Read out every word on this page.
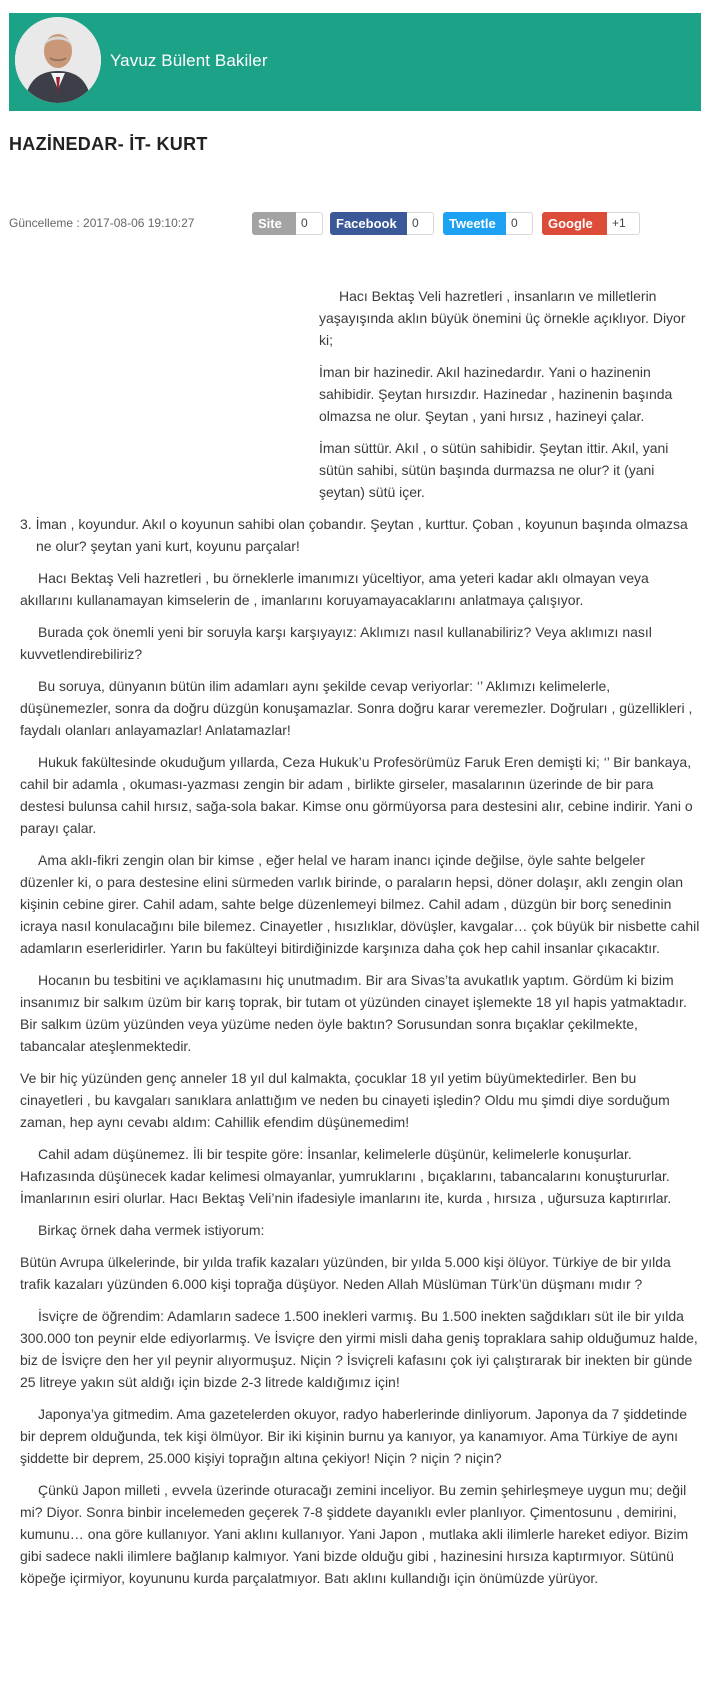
Yavuz Bülent Bakiler
HAZİNEDAR- İT- KURT
Güncelleme : 2017-08-06 19:10:27	Site	0	Facebook	0	Tweetle	0	Google	+1

Hacı Bektaş Veli hazretleri , insanların ve milletlerin yaşayışında aklın büyük önemini üç örnekle açıklıyor. Diyor ki;

İman bir hazinedir. Akıl hazinedardır. Yani o hazinenin sahibidir. Şeytan hırsızdır. Hazinedar , hazinenin başında olmazsa ne olur. Şeytan , yani hırsız , hazineyi çalar.

İman süttür. Akıl , o sütün sahibidir. Şeytan ittir. Akıl, yani sütün sahibi, sütün başında durmazsa ne olur? it (yani şeytan) sütü içer.

3. İman , koyundur. Akıl o koyunun sahibi olan çobandır. Şeytan , kurttur. Çoban , koyunun başında olmazsa ne olur? şeytan yani kurt, koyunu parçalar!

Hacı Bektaş Veli hazretleri , bu örneklerle imanımızı yüceltiyor, ama yeteri kadar aklı olmayan veya akıllarını kullanamayan kimselerin de , imanlarını koruyamayacaklarını anlatmaya çalışıyor.

Burada çok önemli yeni bir soruyla karşı karşıyayız: Aklımızı nasıl kullanabiliriz? Veya aklımızı nasıl kuvvetlendirebiliriz?

Bu soruya, dünyanın bütün ilim adamları aynı şekilde cevap veriyorlar: ‘’ Aklımızı kelimelerle, düşünemezler, sonra da doğru düzgün konuşamazlar. Sonra doğru karar veremezler. Doğruları , güzellikleri , faydalı olanları anlayamazlar! Anlatamazlar!

Hukuk fakültesinde okuduğum yıllarda, Ceza Hukuk’u Profesörümüz Faruk Eren demişti ki; ‘’ Bir bankaya, cahil bir adamla , okuması-yazması zengin bir adam , birlikte girseler, masalarının üzerinde de bir para destesi bulunsa cahil hırsız, sağa-sola bakar. Kimse onu görmüyorsa para destesini alır, cebine indirir. Yani o parayı çalar.

Ama aklı-fikri zengin olan bir kimse , eğer helal ve haram inancı içinde değilse, öyle sahte belgeler düzenler ki, o para destesine elini sürmeden varlık birinde, o paraların hepsi, döner dolaşır, aklı zengin olan kişinin cebine girer. Cahil adam, sahte belge düzenlemeyi bilmez. Cahil adam , düzgün bir borç senedinin icraya nasıl konulacağını bile bilemez. Cinayetler , hısızlıklar, dövüşler, kavgalar… çok büyük bir nisbette cahil adamların eserleridirler. Yarın bu fakülteyi bitirdiğinizde karşınıza daha çok hep cahil insanlar çıkacaktır.

Hocanın bu tesbitini ve açıklamasını hiç unutmadım. Bir ara Sivas’ta avukatlık yaptım. Gördüm ki bizim insanımız bir salkım üzüm bir karış toprak, bir tutam ot yüzünden cinayet işlemekte 18 yıl hapis yatmaktadır. Bir salkım üzüm yüzünden veya yüzüme neden öyle baktın? Sorusundan sonra bıçaklar çekilmekte, tabancalar ateşlenmektedir.

Ve bir hiç yüzünden genç anneler 18 yıl dul kalmakta, çocuklar 18 yıl yetim büyümektedirler. Ben bu cinayetleri , bu kavgaları sanıklara anlattığım ve neden bu cinayeti işledin? Oldu mu şimdi diye sorduğum zaman, hep aynı cevabı aldım: Cahillik efendim düşünemedim!

Cahil adam düşünemez. İli bir tespite göre: İnsanlar, kelimelerle düşünür, kelimelerle konuşurlar. Hafızasında düşünecek kadar kelimesi olmayanlar, yumruklarını , bıçaklarını, tabancalarını konuştururlar. İmanlarının esiri olurlar. Hacı Bektaş Veli’nin ifadesiyle imanlarını ite, kurda , hırsıza , uğursuza kaptırırlar.

Birkaç örnek daha vermek istiyorum:

Bütün Avrupa ülkelerinde, bir yılda trafik kazaları yüzünden, bir yılda 5.000 kişi ölüyor. Türkiye de bir yılda trafik kazaları yüzünden 6.000 kişi toprağa düşüyor. Neden Allah Müslüman Türk’ün düşmanı mıdır ?

İsviçre de öğrendim: Adamların sadece 1.500 inekleri varmış. Bu 1.500 inekten sağdıkları süt ile bir yılda 300.000 ton peynir elde ediyorlarmış. Ve İsviçre den yirmi misli daha geniş topraklara sahip olduğumuz halde, biz de İsviçre den her yıl peynir alıyormuşuz. Niçin ? İsviçreli kafasını çok iyi çalıştırarak bir inekten bir günde 25 litreye yakın süt aldığı için bizde 2-3 litrede kaldığımız için!

Japonya’ya gitmedim. Ama gazetelerden okuyor, radyo haberlerinde dinliyorum. Japonya da 7 şiddetinde bir deprem olduğunda, tek kişi ölmüyor. Bir iki kişinin burnu ya kanıyor, ya kanamıyor. Ama Türkiye de aynı şiddette bir deprem, 25.000 kişiyi toprağın altına çekiyor! Niçin ? niçin ? niçin?

Çünkü Japon milleti , evvela üzerinde oturacağı zemini inceliyor. Bu zemin şehirleşmeye uygun mu; değil mi? Diyor. Sonra binbir incelemeden geçerek 7-8 şiddete dayanıklı evler planlıyor. Çimentosunu , demirini, kumunu… ona göre kullanıyor. Yani aklını kullanıyor. Yani Japon , mutlaka akli ilimlerle hareket ediyor. Bizim gibi sadece nakli ilimlere bağlanıp kalmıyor. Yani bizde olduğu gibi , hazinesini hırsıza kaptırmıyor. Sütünü köpeğe içirmiyor, koyununu kurda parçalatmıyor. Batı aklını kullandığı için önümüzde yürüyor.
